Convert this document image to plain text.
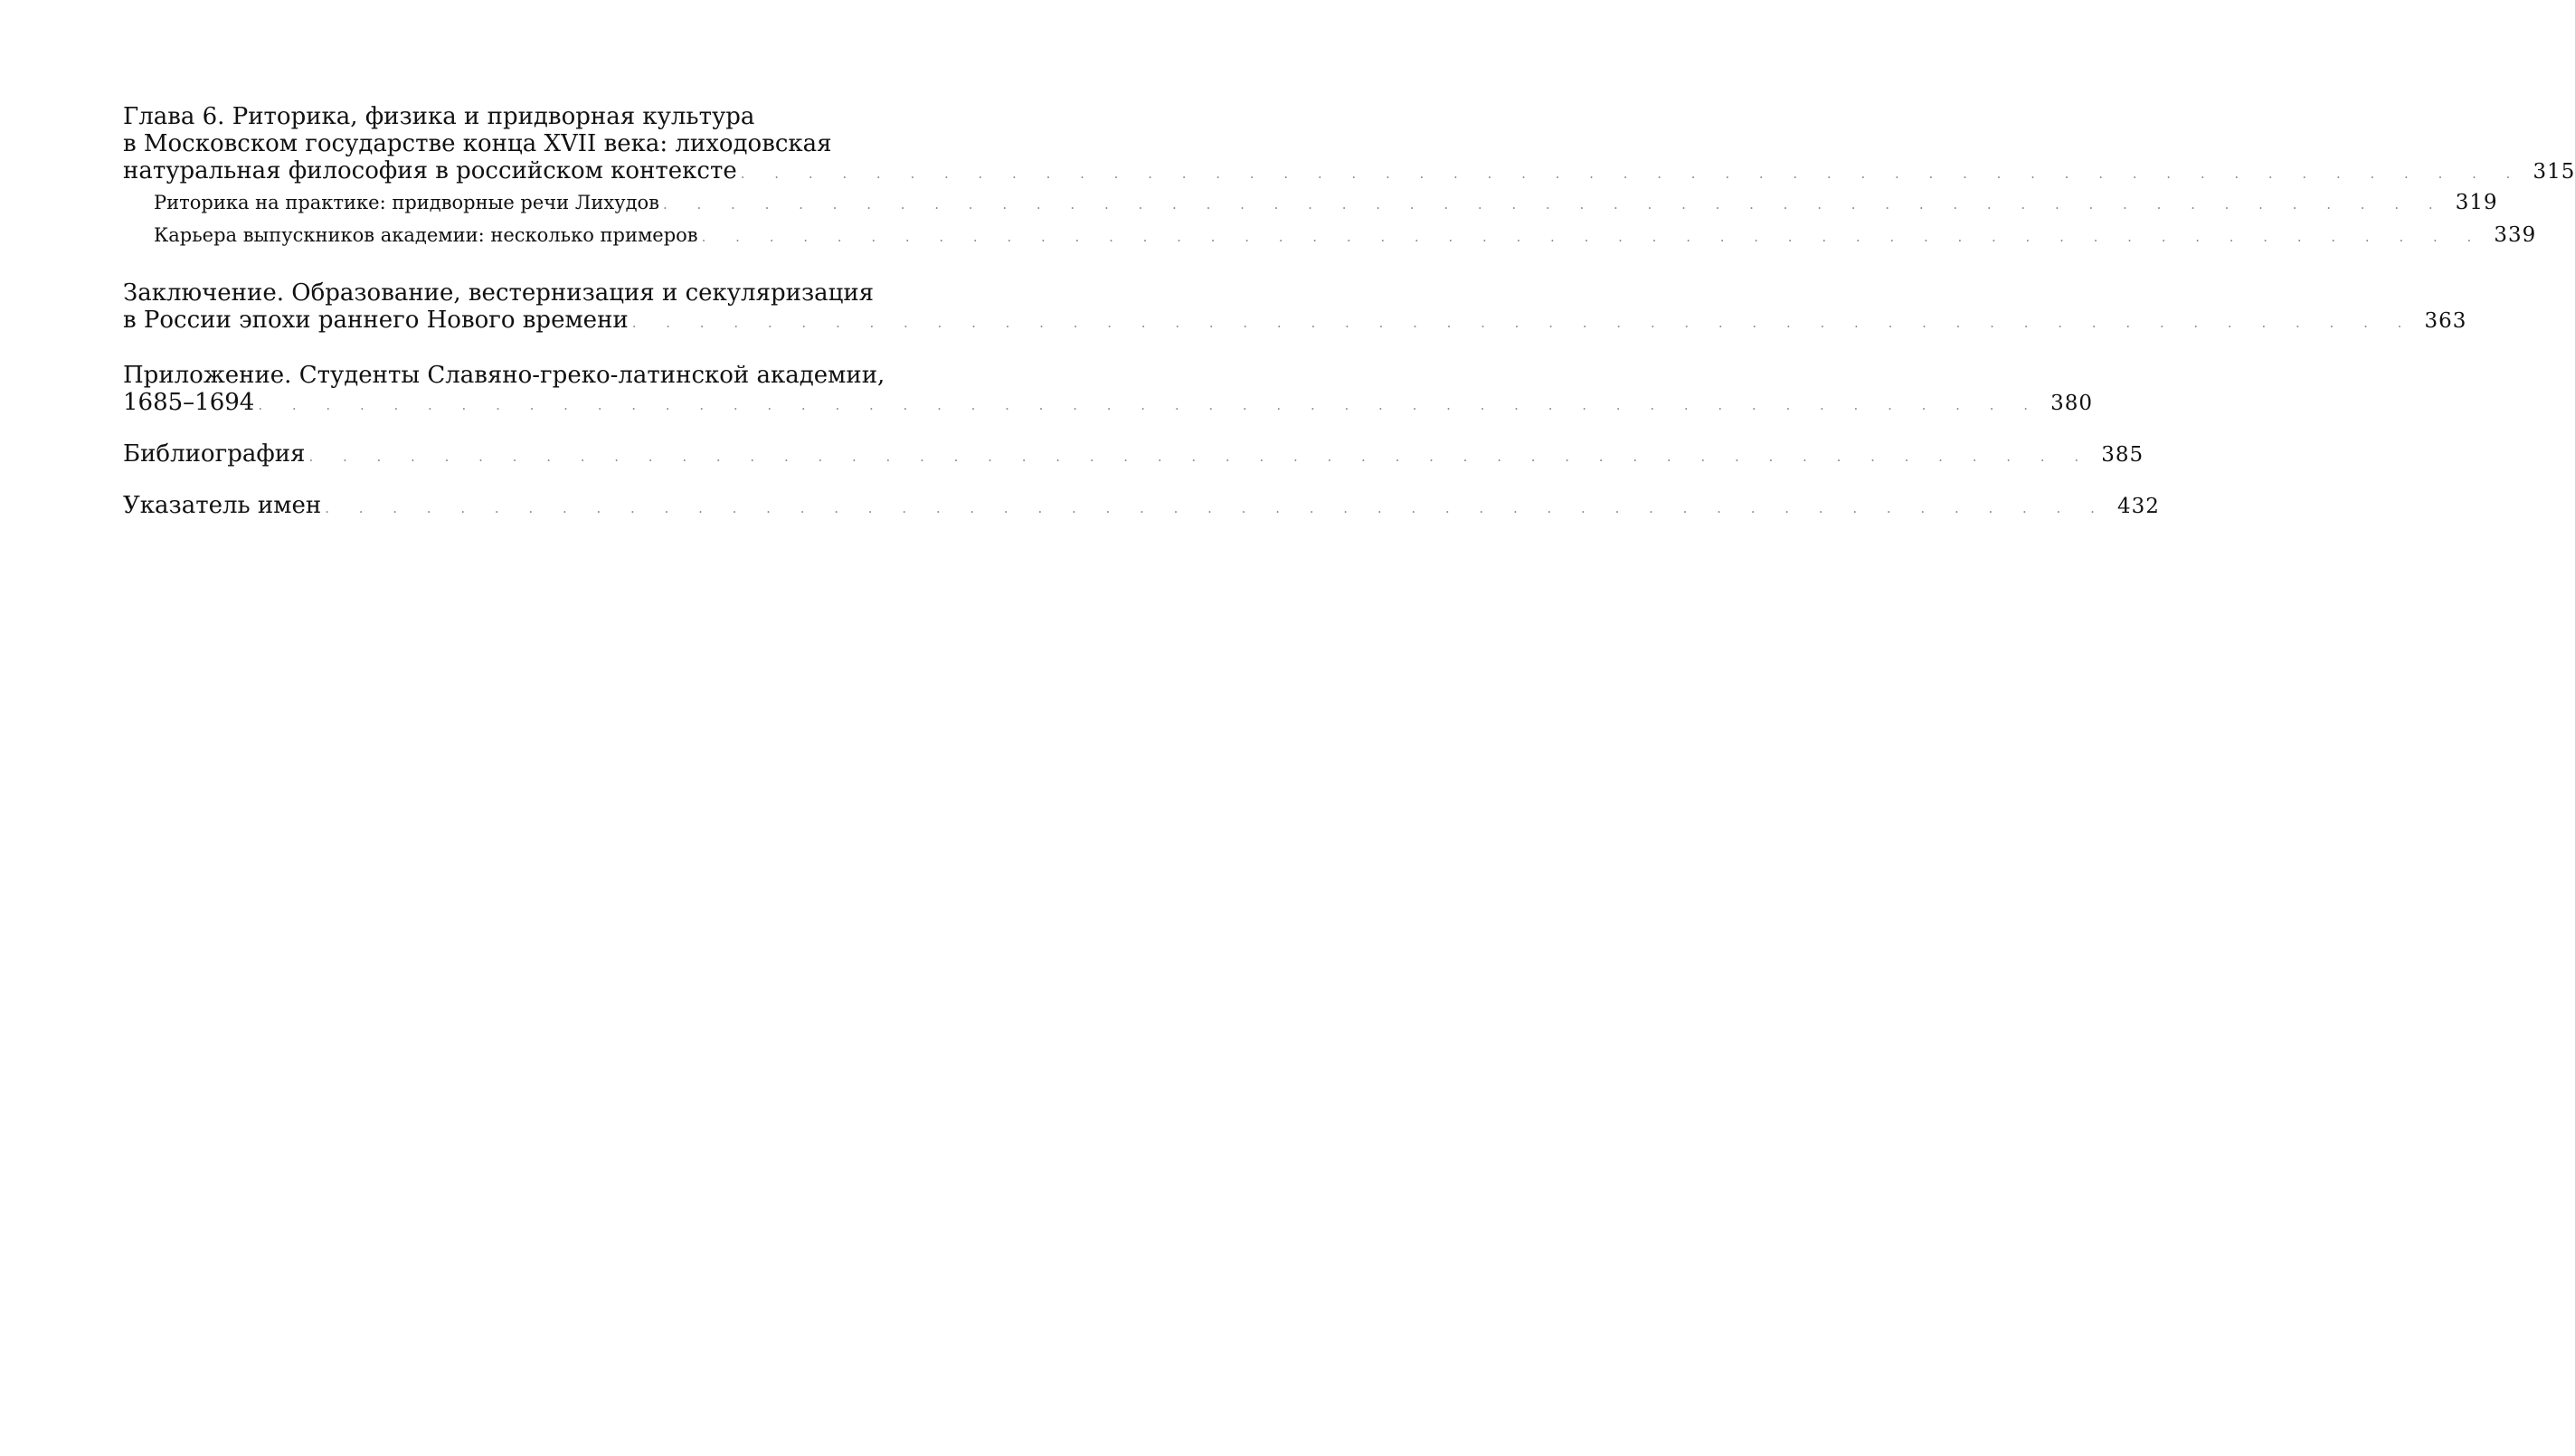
Глава 6. Риторика, физика и придворная культура
в Московском государстве конца XVII века: лиходовская
натуральная философия в российском контексте . . . . . . . . . . . . . . . . . . . . . . . . . . . . . . . . . . . . . . . . . . . . . . . . . . . . . 315
Риторика на практике: придворные речи Лихудов . . . . . . . . . . . . . . . . . . . . . . . . . . . . . . . . . . . . . . . . . . . . . . . . . . . . . 319
Карьера выпускников академии: несколько примеров . . . . . . . . . . . . . . . . . . . . . . . . . . . . . . . . . . . . . . . . . . . . . . . . . . . . . 339
Заключение. Образование, вестернизация и секуляризация
в России эпохи раннего Нового времени . . . . . . . . . . . . . . . . . . . . . . . . . . . . . . . . . . . . . . . . . . . . . . . . . . . . . 363
Приложение. Студенты Славяно-греко-латинской академии,
1685–1694 . . . . . . . . . . . . . . . . . . . . . . . . . . . . . . . . . . . . . . . . . . . . . . . . . . . . . 380
Библиография . . . . . . . . . . . . . . . . . . . . . . . . . . . . . . . . . . . . . . . . . . . . . . . . . . . . . 385
Указатель имен . . . . . . . . . . . . . . . . . . . . . . . . . . . . . . . . . . . . . . . . . . . . . . . . . . . . . 432
